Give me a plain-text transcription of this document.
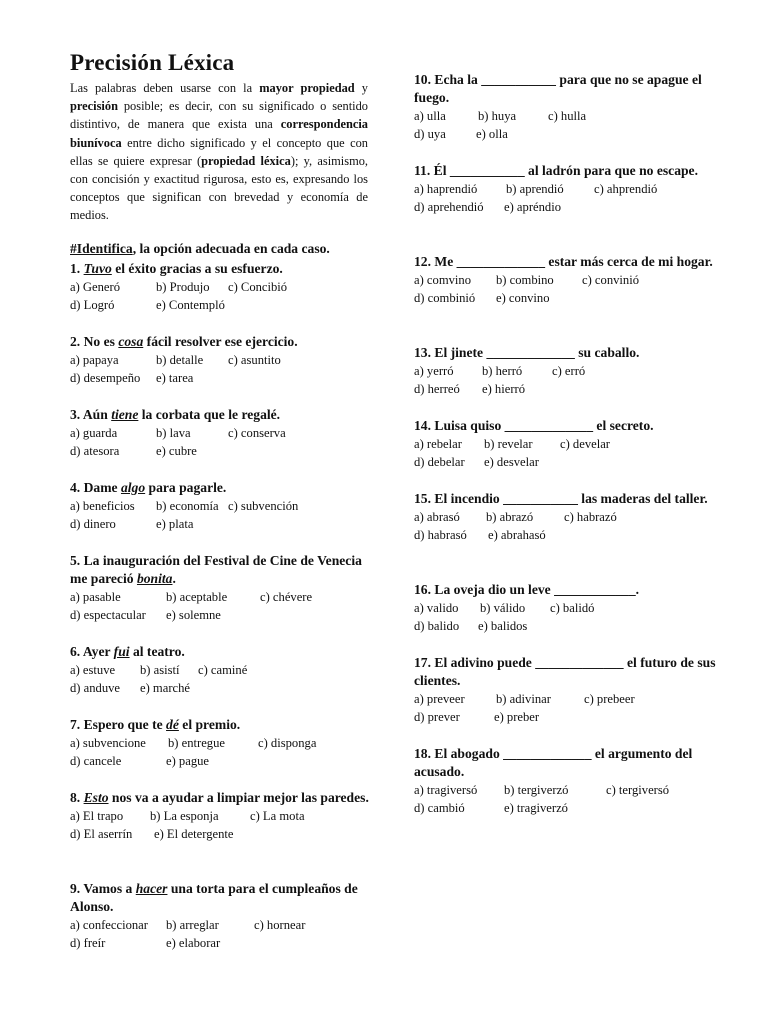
Precisión Léxica

Las palabras deben usarse con la mayor propiedad y precisión posible; es decir, con su significado o sentido distintivo, de manera que exista una correspondencia biunívoca entre dicho significado y el concepto que con ellas se quiere expresar (propiedad léxica); y, asimismo, con concisión y exactitud rigurosa, esto es, expresando los conceptos que significan con brevedad y economía de medios.

#Identifica, la opción adecuada en cada caso.
1. Tuvo el éxito gracias a su esfuerzo.
a) Generó	b) Produjo c) Concibió
d) Logró	e) Contempló
2. No es cosa fácil resolver ese ejercicio.
a) papaya	b) detalle c) asuntito
d) desempeño e) tarea
3. Aún tiene la corbata que le regalé.
a) guarda	b) lava	c) conserva
d) atesora	e) cubre
4. Dame algo para pagarle.
a) beneficios b) economía c) subvención
d) dinero	e) plata
5. La inauguración del Festival de Cine de Venecia me pareció bonita.
a) pasable	b) aceptable	c) chévere
d) espectacular e) solemne
6. Ayer fui al teatro.
a) estuve b) asistí c) caminé
d) anduve e) marché
7. Espero que te dé el premio.
a) subvencione b) entregue	c) disponga
d) cancele	e) pague
8. Esto nos va a ayudar a limpiar mejor las paredes.
a) El trapo b) La esponja c) La mota
d) El aserrín e) El detergente
9. Vamos a hacer una torta para el cumpleaños de Alonso.
a) confeccionar b) arreglar	c) hornear
d) freír	e) elaborar
10. Echa la ___________ para que no se apague el fuego.
a) ulla	b) huya	c) hulla
d) uya e) olla
11. Él ___________ al ladrón para que no escape.
a) haprendió b) aprendió c) ahprendió
d) aprehendió e) apréndio
12. Me _____________ estar más cerca de mi hogar.
a) comvino b) combino c) convinió
d) combinió e) convino
13. El jinete _____________ su caballo.
a) yerró b) herró c) erró
d) herreó e) hierró
14. Luisa quiso _____________ el secreto.
a) rebelar b) revelar c) develar
d) debelar e) desvelar
15. El incendio ___________ las maderas del taller.
a) abrasó b) abrazó c) habrazó
d) habrasó e) abrahasó
16. La oveja dio un leve ____________.
a) valido b) válido c) balidó
d) balido e) balidos
17. El adivino puede _____________ el futuro de sus clientes.
a) preveer b) adivinar	c) prebeer
d) prever	e) preber
18. El abogado _____________ el argumento del acusado.
a) tragiversó b) tergiverzó	c) tergiversó
d) cambió	e) tragiverzó
